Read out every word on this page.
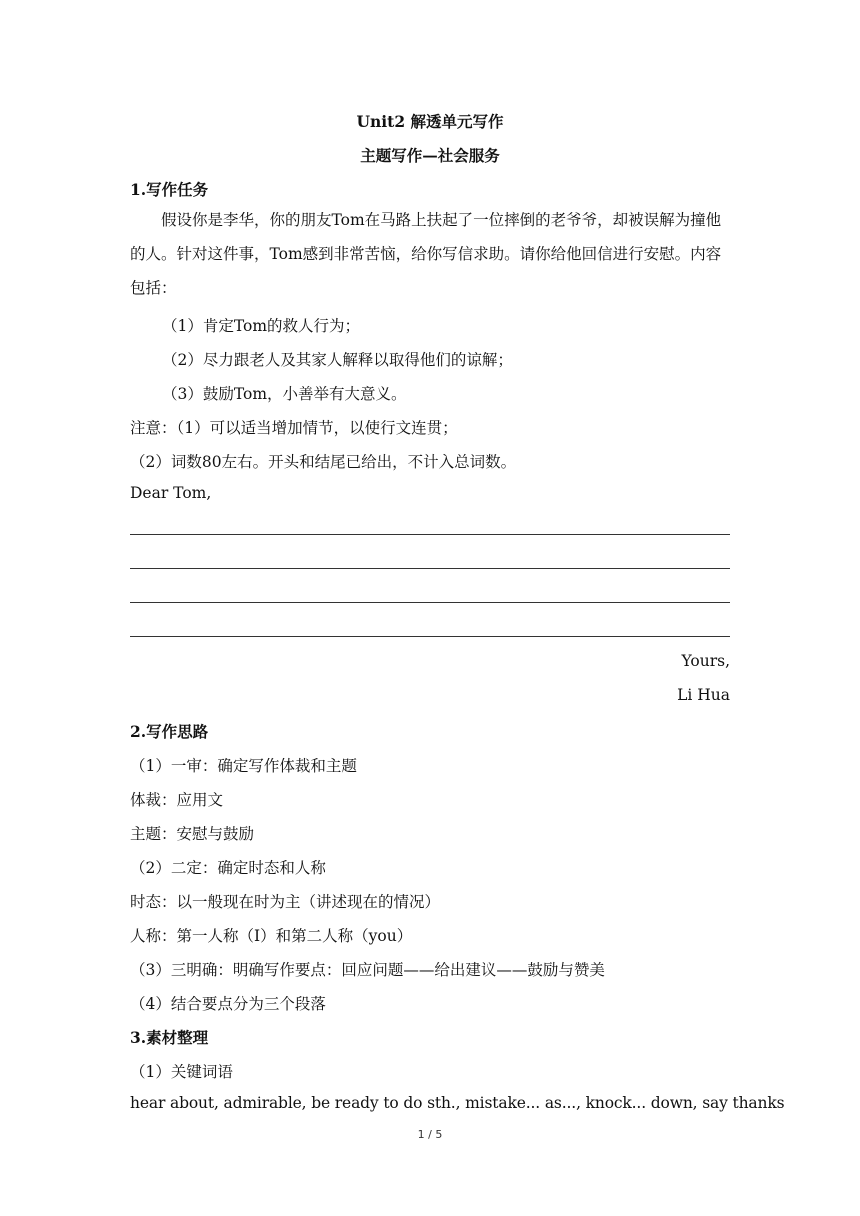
Unit2 解透单元写作
主题写作—社会服务
1.写作任务
假设你是李华，你的朋友Tom在马路上扶起了一位摔倒的老爷爷，却被误解为撞他的人。针对这件事，Tom感到非常苦恼，给你写信求助。请你给他回信进行安慰。内容包括：
（1）肯定Tom的救人行为；
（2）尽力跟老人及其家人解释以取得他们的谅解；
（3）鼓励Tom，小善举有大意义。
注意：（1）可以适当增加情节，以使行文连贯；
（2）词数80左右。开头和结尾已给出，不计入总词数。
Dear Tom,
Yours,
Li Hua
2.写作思路
（1）一审：确定写作体裁和主题
体裁：应用文
主题：安慰与鼓励
（2）二定：确定时态和人称
时态：以一般现在时为主（讲述现在的情况）
人称：第一人称（I）和第二人称（you）
（3）三明确：明确写作要点：回应问题——给出建议——鼓励与赞美
（4）结合要点分为三个段落
3.素材整理
（1）关键词语
hear about, admirable, be ready to do sth., mistake... as..., knock... down, say thanks
1 / 5
